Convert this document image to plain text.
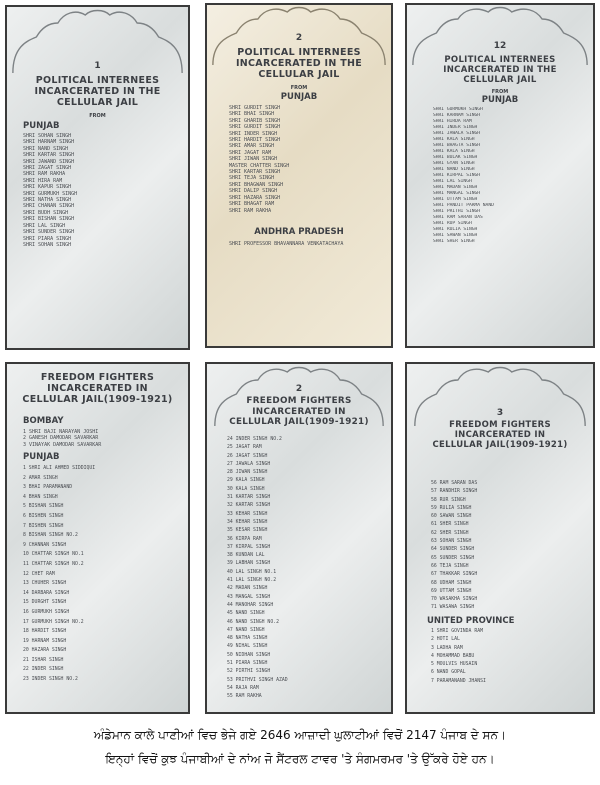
1
POLITICAL INTERNEES
INCARCERATED IN THE
CELLULAR JAIL
FROM
PUNJAB
SHRI SOHAN SINGH
SHRI HARNAM SINGH
SHRI NAND SINGH
SHRI KARTAR SINGH
SHRI JAWAND SINGH
SHRI ZAGAT SINGH
SHRI RAM RAKHA
SHRI HIRA RAM
SHRI KAPUR SINGH
SHRI GURMUKH SINGH
SHRI NATHA SINGH
SHRI CHANAN SINGH
SHRI BUDH SINGH
SHRI BISHAN SINGH
SHRI LAL SINGH
SHRI SUNDER SINGH
SHRI PIARA SINGH
SHRI SOHAN SINGH
2
POLITICAL INTERNEES
INCARCERATED IN THE
CELLULAR JAIL
FROM
PUNJAB
SHRI GURDIT SINGH
SHRI BHAI SINGH
SHRI GHARIB SINGH
SHRI GURDIT SINGH
SHRI INDER SINGH
SHRI HARDIT SINGH
SHRI AMAR SINGH
SHRI JAGAT RAM
SHRI JIWAN SINGH
MASTER CHATTER SINGH
SHRI KARTAR SINGH
SHRI TEJA SINGH
SHRI BHAGWAN SINGH
SHRI DALIP SINGH
SHRI HAZARA SINGH
SHRI BHAGAT RAM
SHRI RAM RAKHA
ANDHRA PRADESH
SHRI PROFESSOR BHAVANNARA VENKATACHAYA
12
POLITICAL INTERNEES
INCARCERATED IN THE
CELLULAR JAIL
FROM
PUNJAB
SHRI GURMUKH SINGH
SHRI KARNAM SINGH
SHRI HIRDA RAM
SHRI INDER SINGH
SHRI JAWALA SINGH
SHRI KALA SINGH
SHRI BHAGTA SINGH
SHRI KALA SINGH
SHRI BULAK SINGH
SHRI GYAN SINGH
SHRI NAND SINGH
SHRI KIRPAL SINGH
SHRI LAL SINGH
SHRI MADAN SINGH
SHRI MANGAL SINGH
SHRI UTTAM SINGH
SHRI PANDIT PARMA NAND
SHRI PRITHI SINGH
SHRI RAM SARAN DAS
SHRI RUP SINGH
SHRI RULIA SINGH
SHRI SAWAN SINGH
SHRI SHER SINGH
FREEDOM FIGHTERS
INCARCERATED IN
CELLULAR JAIL(1909-1921)
BOMBAY
1 SHRI BAJI NARAYAN JOSHI
2 GANESH DAMODAR SAVARKAR
3 VINAYAK DAMODAR SAVARKAR
PUNJAB
1 SHRI ALI AHMED SIDDIQUI
2 AMAR SINGH
3 BHAI PARAMANAND
4 BHAN SINGH
5 BISHAN SINGH
6 BISHEN SINGH
7 BISHEN SINGH
8 BISHAN SINGH NO.2
9 CHANNAN SINGH
10 CHATTAR SINGH NO.1
11 CHATTAR SINGH NO.2
12 CHET RAM
13 CHUHER SINGH
14 DARBARA SINGH
15 DURGHT SINGH
16 GURMUKH SINGH
17 GURMUKH SINGH NO.2
18 HARDIT SINGH
19 HARNAM SINGH
20 HAZARA SINGH
21 ISHAR SINGH
22 INDER SINGH
23 INDER SINGH NO.2
2
FREEDOM FIGHTERS
INCARCERATED IN
CELLULAR JAIL(1909-1921)
24 INDER SINGH NO.2
25 JAGAT RAM
26 JAGAT SINGH
27 JAWALA SINGH
28 JIWAN SINGH
29 KALA SINGH
30 KALA SINGH
31 KARTAR SINGH
32 KARTAR SINGH
33 KEHAR SINGH
34 KEHAR SINGH
35 KESAR SINGH
36 KIRPA RAM
37 KIRPAL SINGH
38 KUNDAN LAL
39 LABHAN SINGH
40 LAL SINGH NO.1
41 LAL SINGH NO.2
42 MADAN SINGH
43 MANGAL SINGH
44 MANOHAR SINGH
45 NAND SINGH
46 NAND SINGH NO.2
47 NAND SINGH
48 NATHA SINGH
49 NIHAL SINGH
50 NIDHAN SINGH
51 PIARA SINGH
52 PIRTHI SINGH
53 PRITHVI SINGH AZAD
54 RAJA RAM
55 RAM RAKHA
3
FREEDOM FIGHTERS
INCARCERATED IN
CELLULAR JAIL(1909-1921)
56 RAM SARAN DAS
57 RANDHIR SINGH
58 RUR SINGH
59 RULIA SINGH
60 SAWAN SINGH
61 SHER SINGH
62 SHER SINGH
63 SOHAN SINGH
64 SUNDER SINGH
65 SUNDER SINGH
66 TEJA SINGH
67 THAKKAR SINGH
68 UDHAM SINGH
69 UTTAM SINGH
70 WASAKHA SINGH
71 WASAWA SINGH
UNITED PROVINCE
1 SHRI GOVINDA RAM
2 HOTI LAL
3 LADHA RAM
4 MOHAMMAD BABU
5 MOULVIS HUSAIN
6 NAND GOPAL
7 PARAMANAND JHANSI
ਅੰਡੇਮਾਨ ਕਾਲੇ ਪਾਣੀਆਂ ਵਿਚ ਭੇਜੇ ਗਏ 2646 ਆਜ਼ਾਦੀ ਘੁਲਾਟੀਆਂ ਵਿਚੋਂ 2147 ਪੰਜਾਬ ਦੇ ਸਨ।
ਇਨ੍ਹਾਂ ਵਿਚੋਂ ਕੁਝ ਪੰਜਾਬੀਆਂ ਦੇ ਨਾਂਅ ਜੋ ਸੈਂਟਰਲ ਟਾਵਰ 'ਤੇ ਸੰਗਮਰਮਰ 'ਤੇ ਉੱਕਰੇ ਹੋਏ ਹਨ।
